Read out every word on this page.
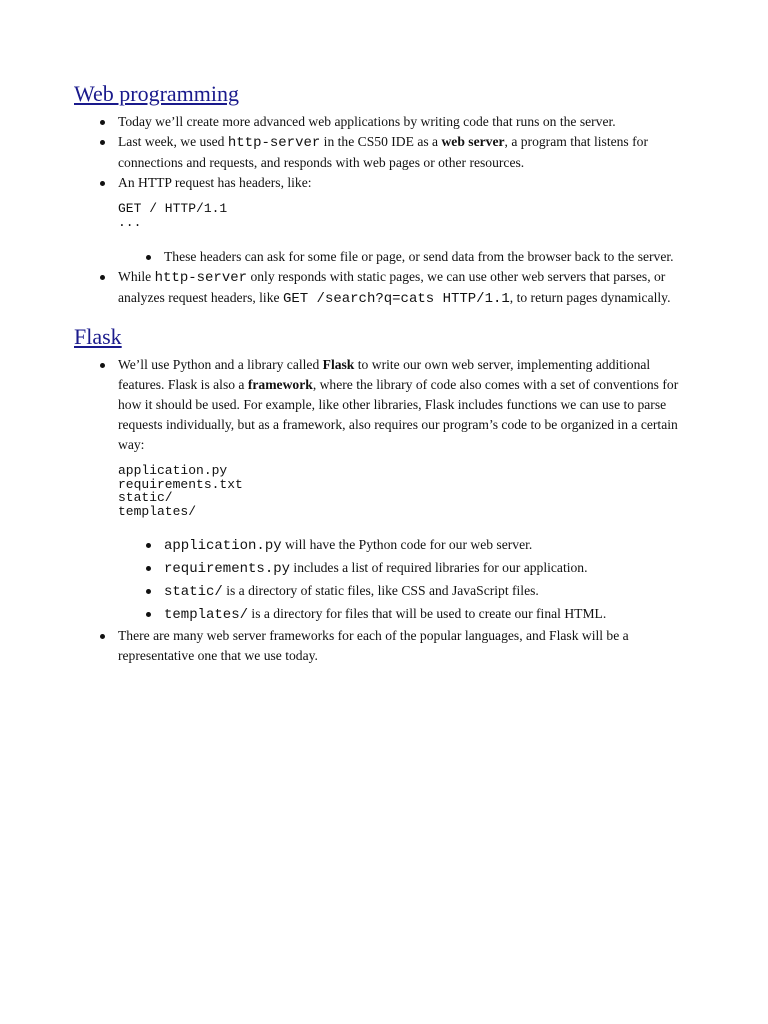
Web programming
Today we’ll create more advanced web applications by writing code that runs on the server.
Last week, we used http-server in the CS50 IDE as a web server, a program that listens for connections and requests, and responds with web pages or other resources.
An HTTP request has headers, like:
GET / HTTP/1.1
...
These headers can ask for some file or page, or send data from the browser back to the server.
While http-server only responds with static pages, we can use other web servers that parses, or analyzes request headers, like GET /search?q=cats HTTP/1.1, to return pages dynamically.
Flask
We’ll use Python and a library called Flask to write our own web server, implementing additional features. Flask is also a framework, where the library of code also comes with a set of conventions for how it should be used. For example, like other libraries, Flask includes functions we can use to parse requests individually, but as a framework, also requires our program’s code to be organized in a certain way:
application.py
requirements.txt
static/
templates/
application.py will have the Python code for our web server.
requirements.py includes a list of required libraries for our application.
static/ is a directory of static files, like CSS and JavaScript files.
templates/ is a directory for files that will be used to create our final HTML.
There are many web server frameworks for each of the popular languages, and Flask will be a representative one that we use today.
